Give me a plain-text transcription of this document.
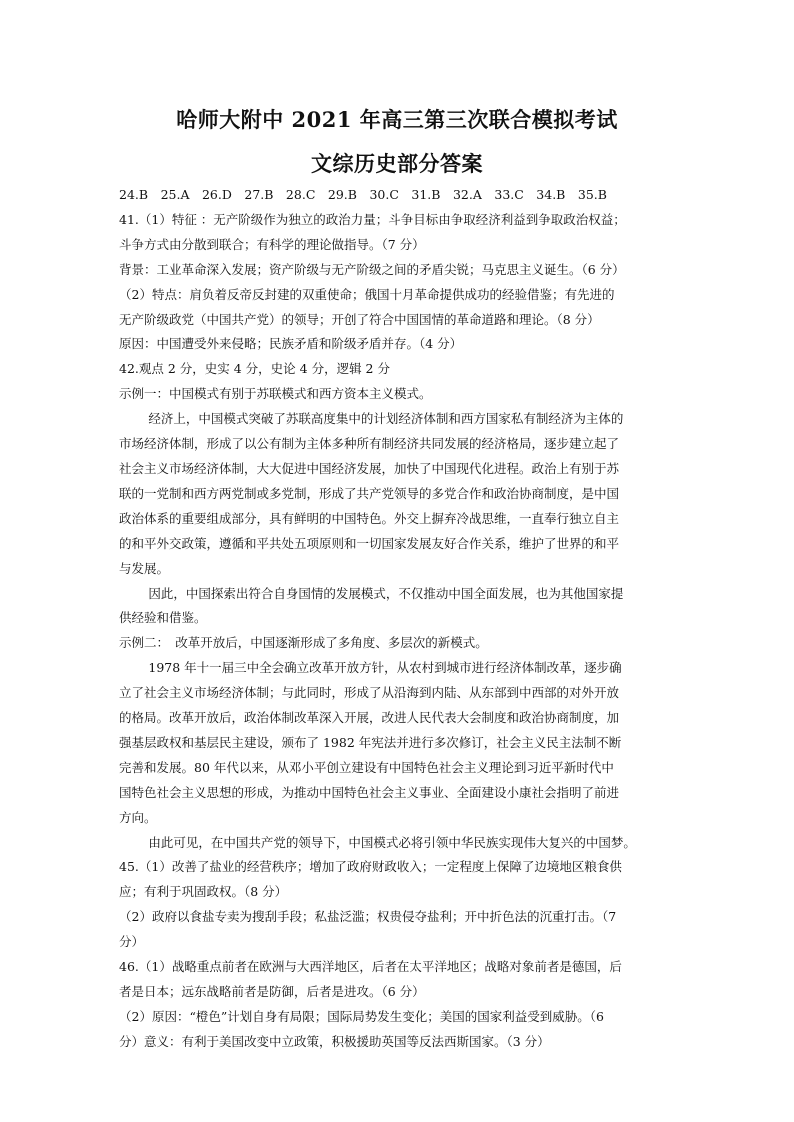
哈师大附中 2021 年高三第三次联合模拟考试
文综历史部分答案

24.B　25.A　26.D　27.B　28.C　29.B　30.C　31.B　32.A　33.C　34.B　35.B

41.（1）特征 ：无产阶级作为独立的政治力量；斗争目标由争取经济利益到争取政治权益；

斗争方式由分散到联合；有科学的理论做指导。（7 分）

背景：工业革命深入发展；资产阶级与无产阶级之间的矛盾尖锐；马克思主义诞生。（6 分）

（2）特点：肩负着反帝反封建的双重使命；俄国十月革命提供成功的经验借鉴；有先进的

无产阶级政党（中国共产党）的领导；开创了符合中国国情的革命道路和理论。（8 分）

原因：中国遭受外来侵略；民族矛盾和阶级矛盾并存。（4 分）

42.观点 2 分，史实 4 分，史论 4 分，逻辑 2 分

示例一：中国模式有别于苏联模式和西方资本主义模式。

经济上，中国模式突破了苏联高度集中的计划经济体制和西方国家私有制经济为主体的

市场经济体制，形成了以公有制为主体多种所有制经济共同发展的经济格局，逐步建立起了

社会主义市场经济体制，大大促进中国经济发展，加快了中国现代化进程。政治上有别于苏

联的一党制和西方两党制或多党制，形成了共产党领导的多党合作和政治协商制度，是中国

政治体系的重要组成部分，具有鲜明的中国特色。外交上摒弃冷战思维，一直奉行独立自主

的和平外交政策，遵循和平共处五项原则和一切国家发展友好合作关系，维护了世界的和平

与发展。

因此，中国探索出符合自身国情的发展模式，不仅推动中国全面发展，也为其他国家提

供经验和借鉴。

示例二：　改革开放后，中国逐渐形成了多角度、多层次的新模式。

1978 年十一届三中全会确立改革开放方针，从农村到城市进行经济体制改革，逐步确

立了社会主义市场经济体制；与此同时，形成了从沿海到内陆、从东部到中西部的对外开放

的格局。改革开放后，政治体制改革深入开展，改进人民代表大会制度和政治协商制度，加

强基层政权和基层民主建设，颁布了 1982 年宪法并进行多次修订，社会主义民主法制不断

完善和发展。80 年代以来，从邓小平创立建设有中国特色社会主义理论到习近平新时代中

国特色社会主义思想的形成，为推动中国特色社会主义事业、全面建设小康社会指明了前进

方向。

由此可见，在中国共产党的领导下，中国模式必将引领中华民族实现伟大复兴的中国梦。

45.（1）改善了盐业的经营秩序；增加了政府财政收入；一定程度上保障了边境地区粮食供

应；有利于巩固政权。（8 分）

（2）政府以食盐专卖为搜刮手段；私盐泛滥；权贵侵夺盐利；开中折色法的沉重打击。（7

分）

46.（1）战略重点前者在欧洲与大西洋地区，后者在太平洋地区；战略对象前者是德国，后

者是日本；远东战略前者是防御，后者是进攻。（6 分）

（2）原因：“橙色”计划自身有局限；国际局势发生变化；美国的国家利益受到威胁。（6

分）意义：有利于美国改变中立政策，积极援助英国等反法西斯国家。（3 分）
